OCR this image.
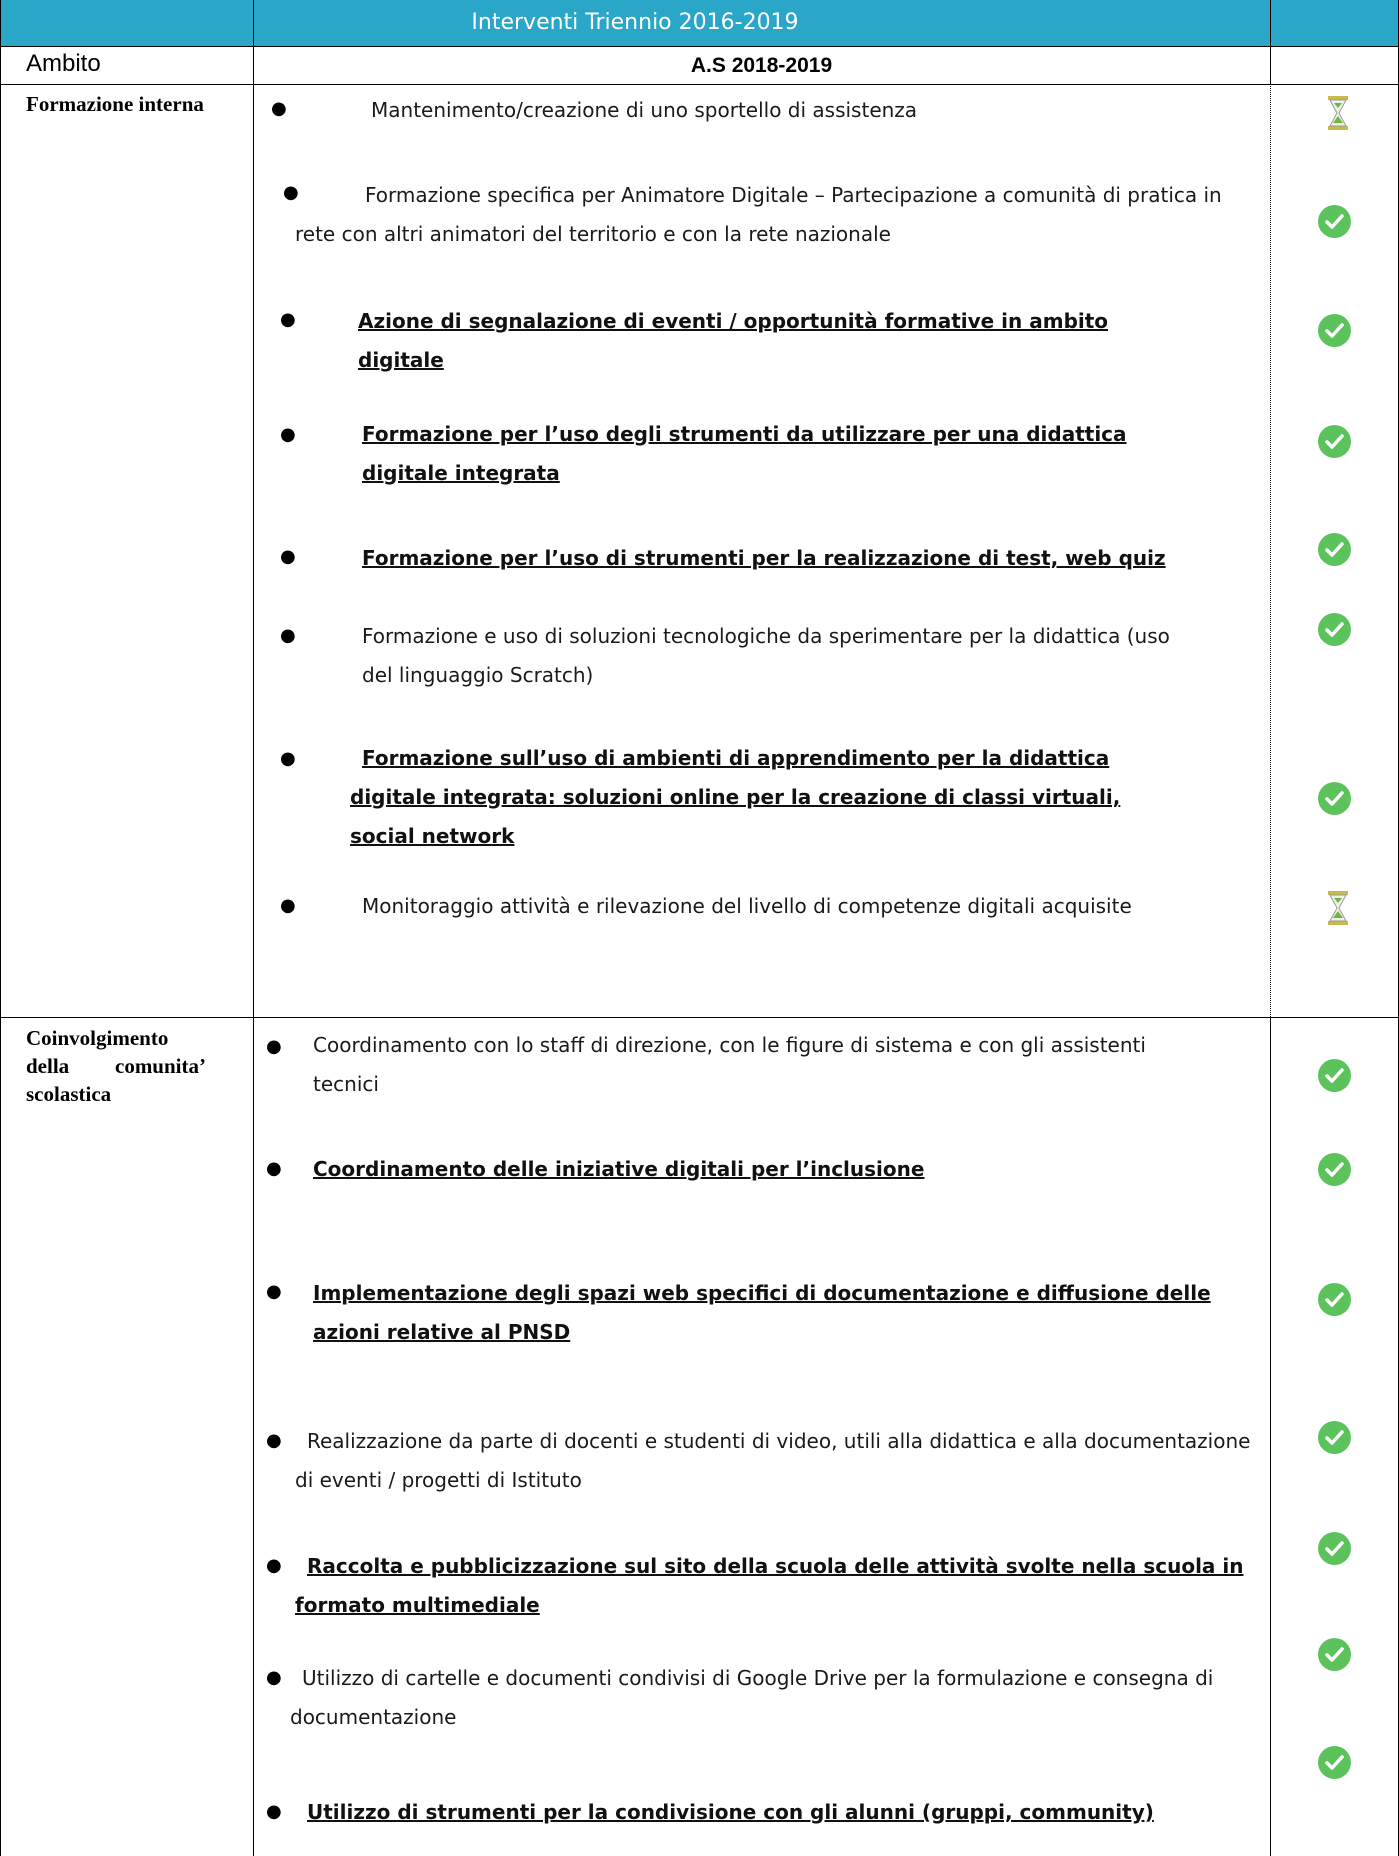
Interventi Triennio 2016-2019
Ambito	A.S 2018-2019
Formazione interna	●	Mantenimento/creazione di uno sportello di assistenza
●	Formazione specifica per Animatore Digitale – Partecipazione a comunità di pratica in rete con altri animatori del territorio e con la rete nazionale
●	Azione di segnalazione di eventi / opportunità formative in ambito digitale
●	Formazione per l’uso degli strumenti da utilizzare per una didattica digitale integrata
●	Formazione per l’uso di strumenti per la realizzazione di test, web quiz
●	Formazione e uso di soluzioni tecnologiche da sperimentare per la didattica (uso del linguaggio Scratch)
●	Formazione sull’uso di ambienti di apprendimento per la didattica digitale integrata: soluzioni online per la creazione di classi virtuali, social network
●	Monitoraggio attività e rilevazione del livello di competenze digitali acquisite
Coinvolgimento della comunita’ scolastica
● Coordinamento con lo staff di direzione, con le figure di sistema e con gli assistenti tecnici
● Coordinamento delle iniziative digitali per l’inclusione
● Implementazione degli spazi web specifici di documentazione e diffusione delle azioni relative al PNSD
●	Realizzazione da parte di docenti e studenti di video, utili alla didattica e alla documentazione di eventi / progetti di Istituto
●	Raccolta e pubblicizzazione sul sito della scuola delle attività svolte nella scuola in formato multimediale
●	Utilizzo di cartelle e documenti condivisi di Google Drive per la formulazione e consegna di documentazione
● Utilizzo di strumenti per la condivisione con gli alunni (gruppi, community)
